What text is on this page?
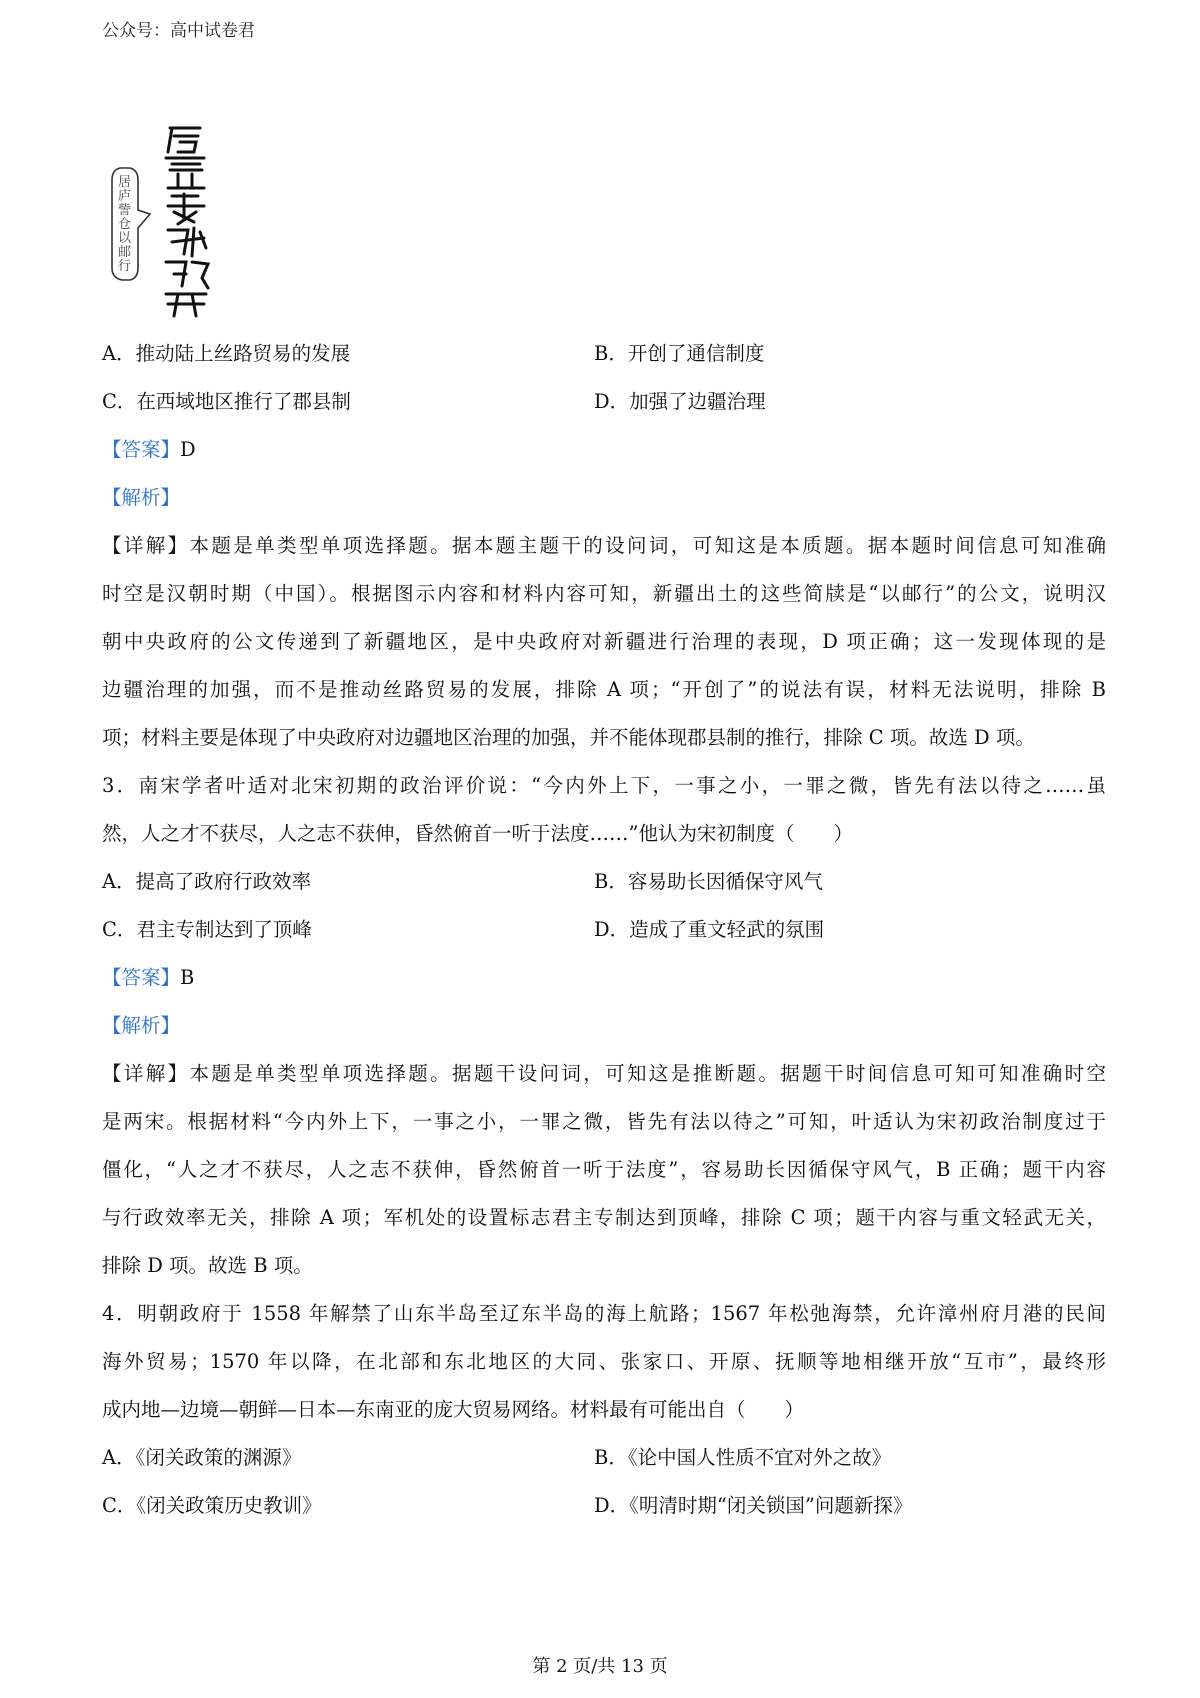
公众号：高中试卷君
居
庐
訾
仓
以
邮
行
A．推动陆上丝路贸易的发展	B．开创了通信制度
C．在西域地区推行了郡县制	D．加强了边疆治理
【答案】D
【解析】
【详解】本题是单类型单项选择题。据本题主题干的设问词，可知这是本质题。据本题时间信息可知准确
时空是汉朝时期（中国）。根据图示内容和材料内容可知，新疆出土的这些简牍是“以邮行”的公文，说明汉
朝中央政府的公文传递到了新疆地区，是中央政府对新疆进行治理的表现，D 项正确；这一发现体现的是
边疆治理的加强，而不是推动丝路贸易的发展，排除 A 项；“开创了”的说法有误，材料无法说明，排除 B
项；材料主要是体现了中央政府对边疆地区治理的加强，并不能体现郡县制的推行，排除 C 项。故选 D 项。
3．南宋学者叶适对北宋初期的政治评价说：“今内外上下，一事之小，一罪之微，皆先有法以待之……虽
然，人之才不获尽，人之志不获伸，昏然俯首一听于法度……”他认为宋初制度（　　）
A．提高了政府行政效率	B．容易助长因循保守风气
C．君主专制达到了顶峰	D．造成了重文轻武的氛围
【答案】B
【解析】
【详解】本题是单类型单项选择题。据题干设问词，可知这是推断题。据题干时间信息可知可知准确时空
是两宋。根据材料“今内外上下，一事之小，一罪之微，皆先有法以待之”可知，叶适认为宋初政治制度过于
僵化，“人之才不获尽，人之志不获伸，昏然俯首一听于法度”，容易助长因循保守风气，B 正确；题干内容
与行政效率无关，排除 A 项；军机处的设置标志君主专制达到顶峰，排除 C 项；题干内容与重文轻武无关，
排除 D 项。故选 B 项。
4．明朝政府于 1558 年解禁了山东半岛至辽东半岛的海上航路；1567 年松弛海禁，允许漳州府月港的民间
海外贸易；1570 年以降，在北部和东北地区的大同、张家口、开原、抚顺等地相继开放“互市”，最终形
成内地—边境—朝鲜—日本—东南亚的庞大贸易网络。材料最有可能出自（　　）
A．《闭关政策的渊源》	B．《论中国人性质不宜对外之故》
C．《闭关政策历史教训》	D．《明清时期“闭关锁国”问题新探》
第 2 页/共 13 页
